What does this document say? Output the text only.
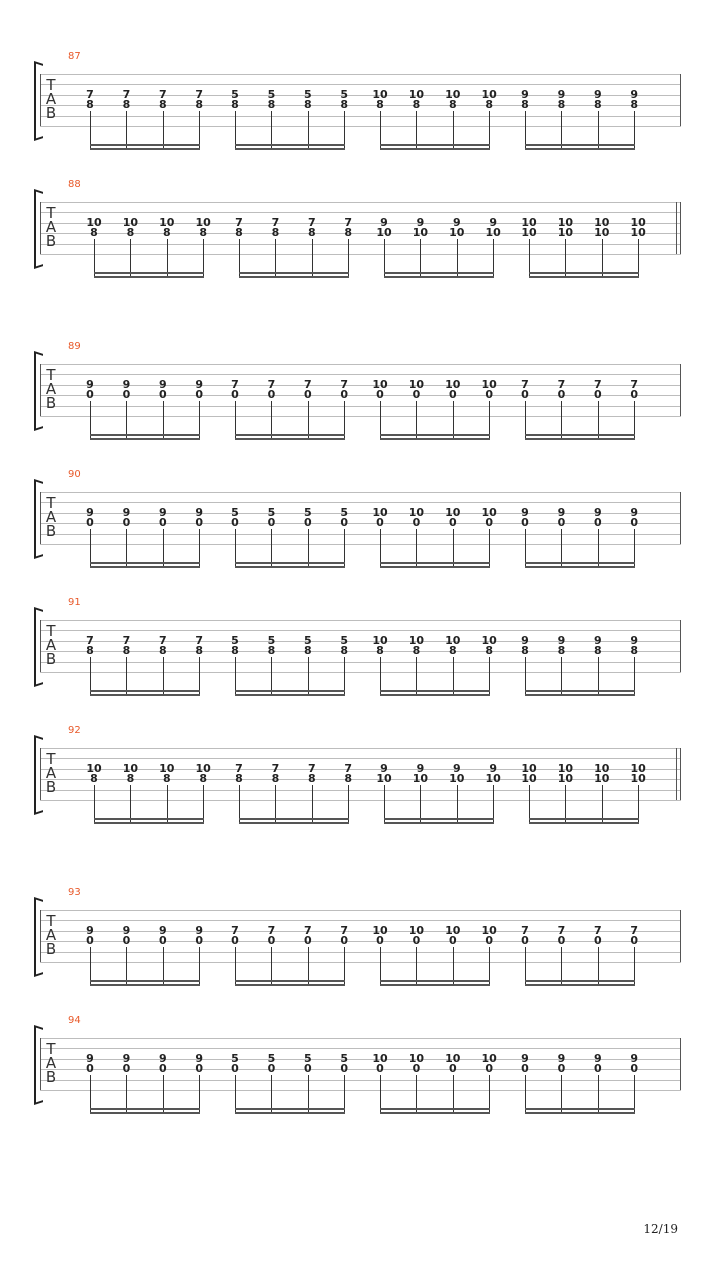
87
T
A
B
7
8
7
8
7
8
7
8
5
8
5
8
5
8
5
8
10
8
10
8
10
8
10
8
9
8
9
8
9
8
9
8
88
T
A
B
10
8
10
8
10
8
10
8
7
8
7
8
7
8
7
8
9
10
9
10
9
10
9
10
10
10
10
10
10
10
10
10
89
T
A
B
9
0
9
0
9
0
9
0
7
0
7
0
7
0
7
0
10
0
10
0
10
0
10
0
7
0
7
0
7
0
7
0
90
T
A
B
9
0
9
0
9
0
9
0
5
0
5
0
5
0
5
0
10
0
10
0
10
0
10
0
9
0
9
0
9
0
9
0
91
T
A
B
7
8
7
8
7
8
7
8
5
8
5
8
5
8
5
8
10
8
10
8
10
8
10
8
9
8
9
8
9
8
9
8
92
T
A
B
10
8
10
8
10
8
10
8
7
8
7
8
7
8
7
8
9
10
9
10
9
10
9
10
10
10
10
10
10
10
10
10
93
T
A
B
9
0
9
0
9
0
9
0
7
0
7
0
7
0
7
0
10
0
10
0
10
0
10
0
7
0
7
0
7
0
7
0
94
T
A
B
9
0
9
0
9
0
9
0
5
0
5
0
5
0
5
0
10
0
10
0
10
0
10
0
9
0
9
0
9
0
9
0
12/19
